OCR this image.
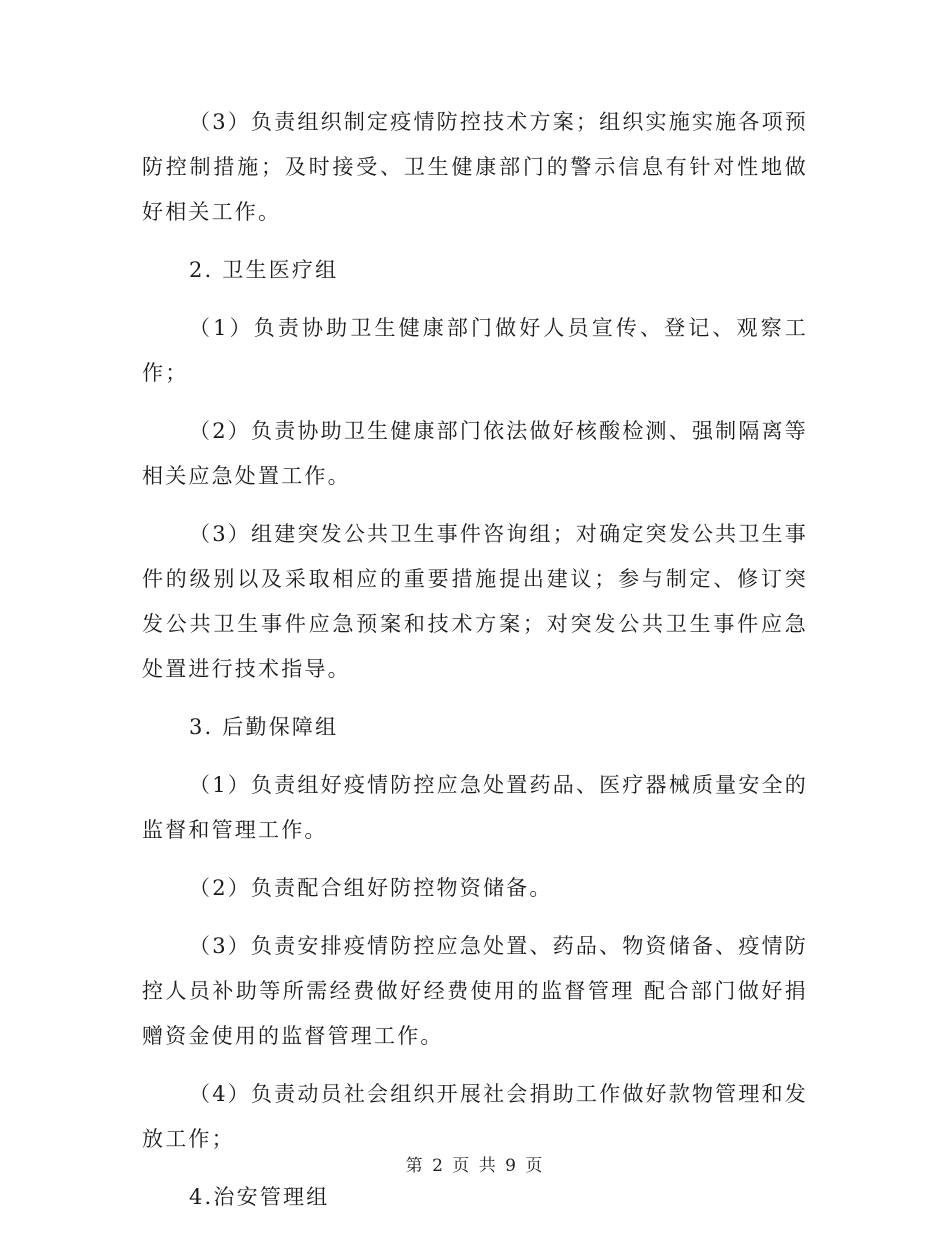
（3）负责组织制定疫情防控技术方案；组织实施实施各项预防控制措施；及时接受、卫生健康部门的警示信息有针对性地做好相关工作。

2. 卫生医疗组

（1）负责协助卫生健康部门做好人员宣传、登记、观察工作；

（2）负责协助卫生健康部门依法做好核酸检测、强制隔离等相关应急处置工作。

（3）组建突发公共卫生事件咨询组；对确定突发公共卫生事件的级别以及采取相应的重要措施提出建议；参与制定、修订突发公共卫生事件应急预案和技术方案；对突发公共卫生事件应急处置进行技术指导。

3. 后勤保障组

（1）负责组好疫情防控应急处置药品、医疗器械质量安全的监督和管理工作。

（2）负责配合组好防控物资储备。

（3）负责安排疫情防控应急处置、药品、物资储备、疫情防控人员补助等所需经费做好经费使用的监督管理 配合部门做好捐赠资金使用的监督管理工作。

（4）负责动员社会组织开展社会捐助工作做好款物管理和发放工作；

4.治安管理组

第 2 页 共 9 页
